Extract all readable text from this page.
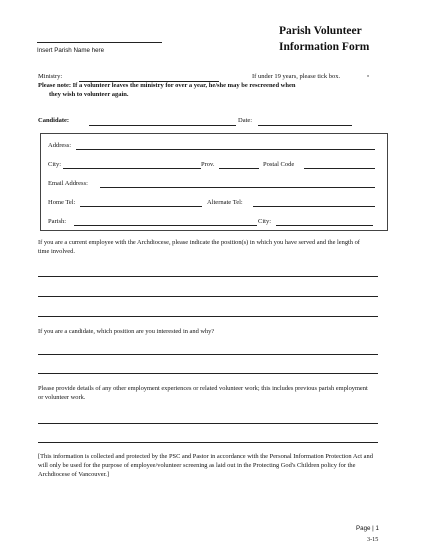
Insert Parish Name here
Parish Volunteer
Information Form
Ministry:	If under 19 years, please tick box.	▫
Please note: If a volunteer leaves the ministry for over a year, he/she may be rescreened when
they wish to volunteer again.
Candidate:	Date:
Address:
City:	Prov.	Postal Code
Email Address:
Home Tel:	Alternate Tel:
Parish:	City:
If you are a current employee with the Archdiocese, please indicate the position(s) in which you have served and the length of time involved.
If you are a candidate, which position are you interested in and why?
Please provide details of any other employment experiences or related volunteer work; this includes previous parish employment or volunteer work.
[This information is collected and protected by the PSC and Pastor in accordance with the Personal Information Protection Act and will only be used for the purpose of employee/volunteer screening as laid out in the Protecting God's Children policy for the Archdiocese of Vancouver.]
Page | 1
3-15
